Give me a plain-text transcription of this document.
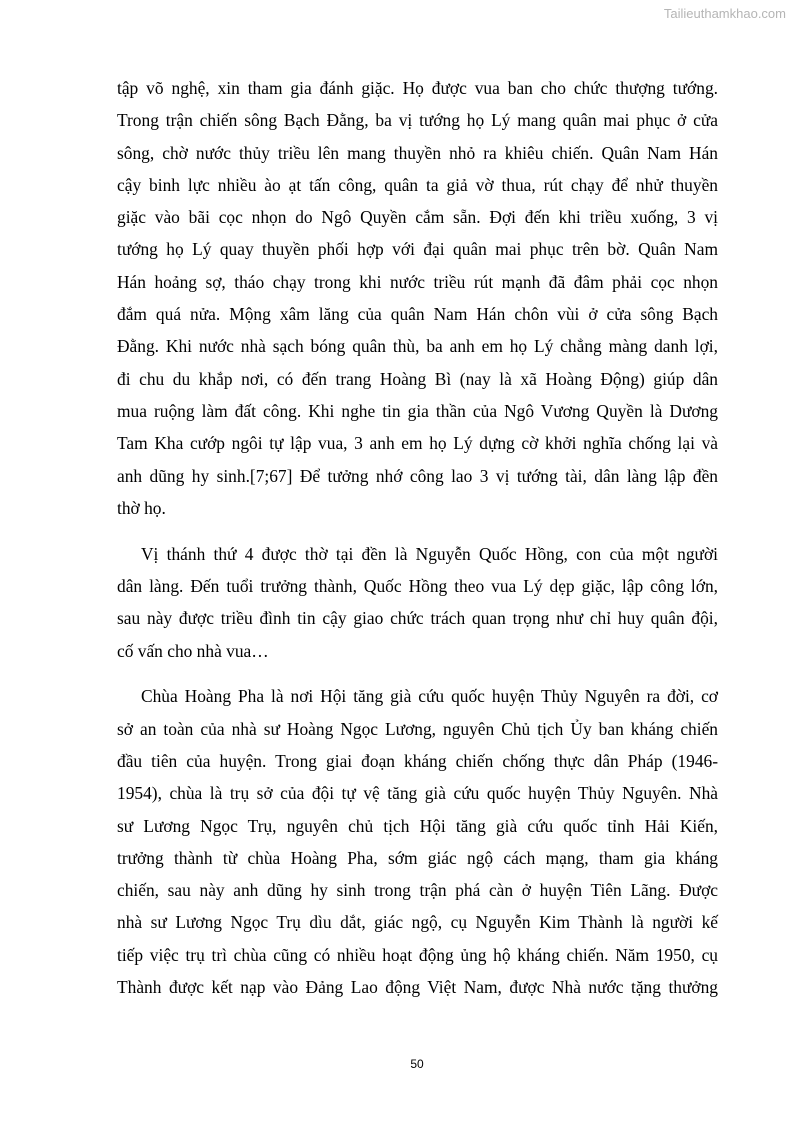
Tailieuthamkhao.com
tập võ nghệ, xin tham gia đánh giặc. Họ được vua ban cho chức thượng tướng.
Trong trận chiến sông Bạch Đằng, ba vị tướng họ Lý mang quân mai phục ở cửa
sông, chờ nước thủy triều lên mang thuyền nhỏ ra khiêu chiến. Quân Nam Hán
cậy binh lực nhiều ào ạt tấn công, quân ta giả vờ thua, rút chạy để nhử thuyền
giặc vào bãi cọc nhọn do Ngô Quyền cắm sẵn. Đợi đến khi triều xuống, 3 vị
tướng họ Lý quay thuyền phối hợp với đại quân mai phục trên bờ. Quân Nam
Hán hoảng sợ, tháo chạy trong khi nước triều rút mạnh đã đâm phải cọc nhọn
đắm quá nửa. Mộng xâm lăng của quân Nam Hán chôn vùi ở cửa sông Bạch
Đằng. Khi nước nhà sạch bóng quân thù, ba anh em họ Lý chẳng màng danh lợi,
đi chu du khắp nơi, có đến trang Hoàng Bì (nay là xã Hoàng Động) giúp dân
mua ruộng làm đất công. Khi nghe tin gia thần của Ngô Vương Quyền là Dương
Tam Kha cướp ngôi tự lập vua, 3 anh em họ Lý dựng cờ khởi nghĩa chống lại và
anh dũng hy sinh.[7;67] Để tưởng nhớ công lao 3 vị tướng tài, dân làng lập đền
thờ họ.
Vị thánh thứ 4 được thờ tại đền là Nguyễn Quốc Hồng, con của một người
dân làng. Đến tuổi trưởng thành, Quốc Hồng theo vua Lý dẹp giặc, lập công lớn,
sau này được triều đình tin cậy giao chức trách quan trọng như chỉ huy quân đội,
cố vấn cho nhà vua…
Chùa Hoàng Pha là nơi Hội tăng già cứu quốc huyện Thủy Nguyên ra đời, cơ
sở an toàn của nhà sư Hoàng Ngọc Lương, nguyên Chủ tịch Ủy ban kháng chiến
đầu tiên của huyện. Trong giai đoạn kháng chiến chống thực dân Pháp (1946-
1954), chùa là trụ sở của đội tự vệ tăng già cứu quốc huyện Thủy Nguyên. Nhà
sư Lương Ngọc Trụ, nguyên chủ tịch Hội tăng già cứu quốc tỉnh Hải Kiến,
trưởng thành từ chùa Hoàng Pha, sớm giác ngộ cách mạng, tham gia kháng
chiến, sau này anh dũng hy sinh trong trận phá càn ở huyện Tiên Lãng. Được
nhà sư Lương Ngọc Trụ dìu dắt, giác ngộ, cụ Nguyễn Kim Thành là người kế
tiếp việc trụ trì chùa cũng có nhiều hoạt động ủng hộ kháng chiến. Năm 1950, cụ
Thành được kết nạp vào Đảng Lao động Việt Nam, được Nhà nước tặng thưởng
50
